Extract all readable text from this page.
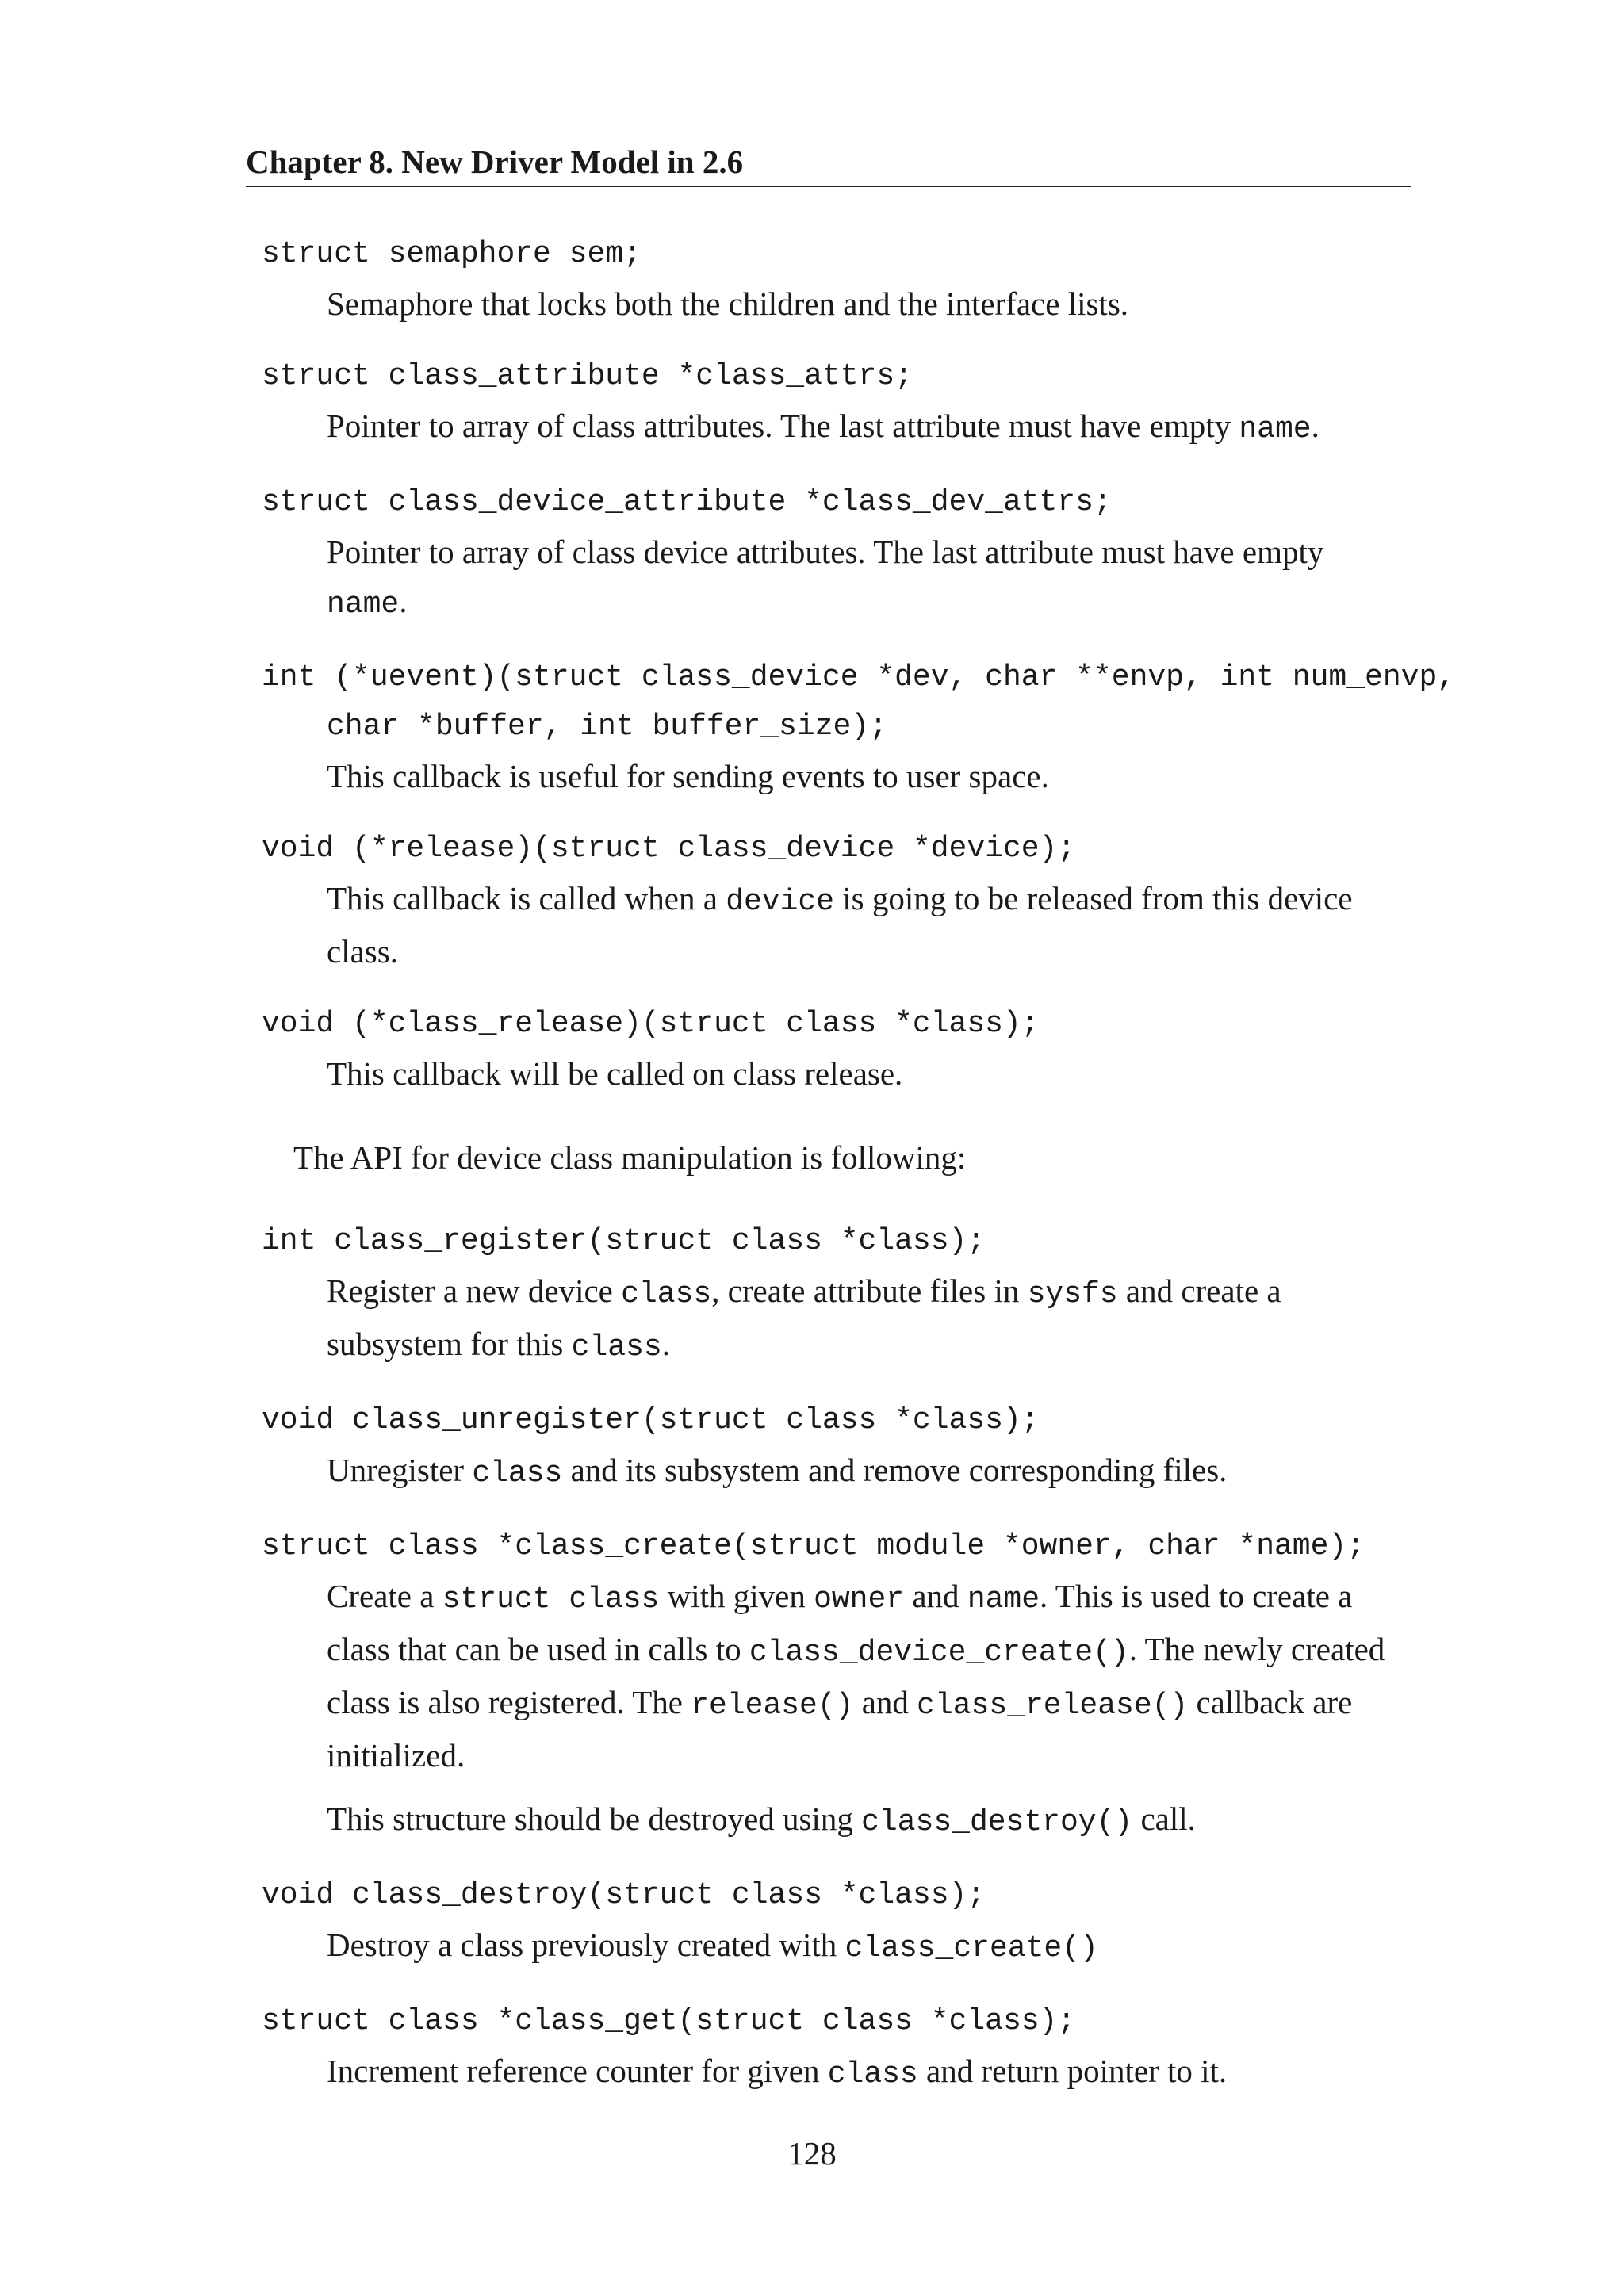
Chapter 8. New Driver Model in 2.6
struct semaphore sem;

Semaphore that locks both the children and the interface lists.

struct class_attribute *class_attrs;

Pointer to array of class attributes. The last attribute must have empty name.

struct class_device_attribute *class_dev_attrs;

Pointer to array of class device attributes. The last attribute must have empty name.

int (*uevent)(struct class_device *dev, char **envp, int num_envp,
char *buffer, int buffer_size);

This callback is useful for sending events to user space.

void (*release)(struct class_device *device);

This callback is called when a device is going to be released from this device class.

void (*class_release)(struct class *class);

This callback will be called on class release.

The API for device class manipulation is following:

int class_register(struct class *class);

Register a new device class, create attribute files in sysfs and create a subsystem for this class.

void class_unregister(struct class *class);

Unregister class and its subsystem and remove corresponding files.

struct class *class_create(struct module *owner, char *name);

Create a struct class with given owner and name. This is used to create a class that can be used in calls to class_device_create(). The newly created class is also registered. The release() and class_release() callback are initialized.

This structure should be destroyed using class_destroy() call.

void class_destroy(struct class *class);

Destroy a class previously created with class_create()

struct class *class_get(struct class *class);

Increment reference counter for given class and return pointer to it.

128
